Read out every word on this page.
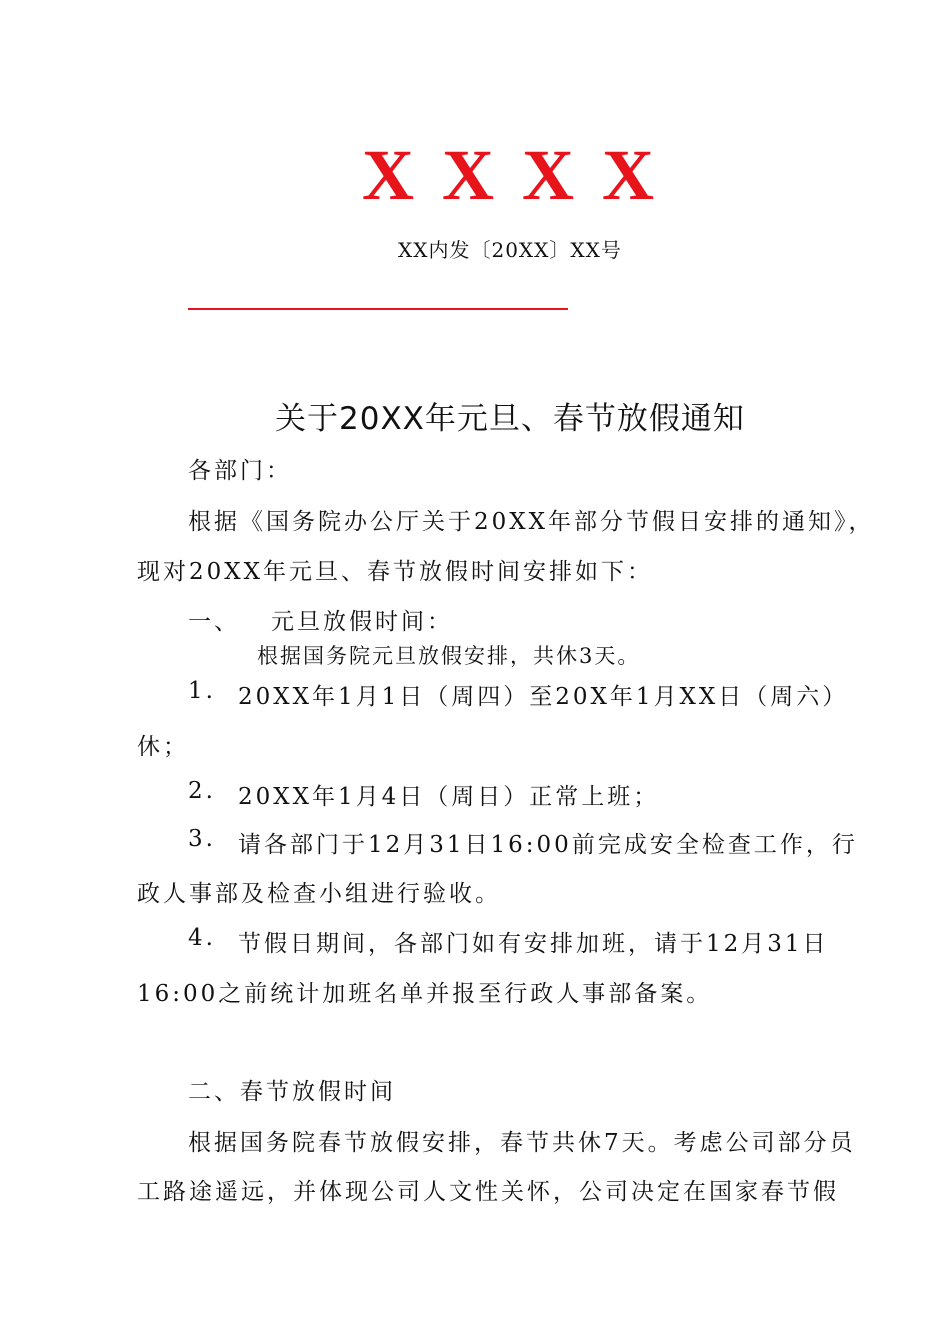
XXXX
XX内发〔20XX〕XX号
关于20XX年元旦、春节放假通知
各部门：
根据《国务院办公厅关于20XX年部分节假日安排的通知》，
现对20XX年元旦、春节放假时间安排如下：
一、 元旦放假时间：
根据国务院元旦放假安排，共休3天。
1. 20XX年1月1日（周四）至20X年1月XX日（周六）
休；
2. 20XX年1月4日（周日）正常上班；
3. 请各部门于12月31日16:00前完成安全检查工作，行
政人事部及检查小组进行验收。
4. 节假日期间，各部门如有安排加班，请于12月31日
16:00之前统计加班名单并报至行政人事部备案。
二、春节放假时间
根据国务院春节放假安排，春节共休7天。考虑公司部分员
工路途遥远，并体现公司人文性关怀，公司决定在国家春节假
